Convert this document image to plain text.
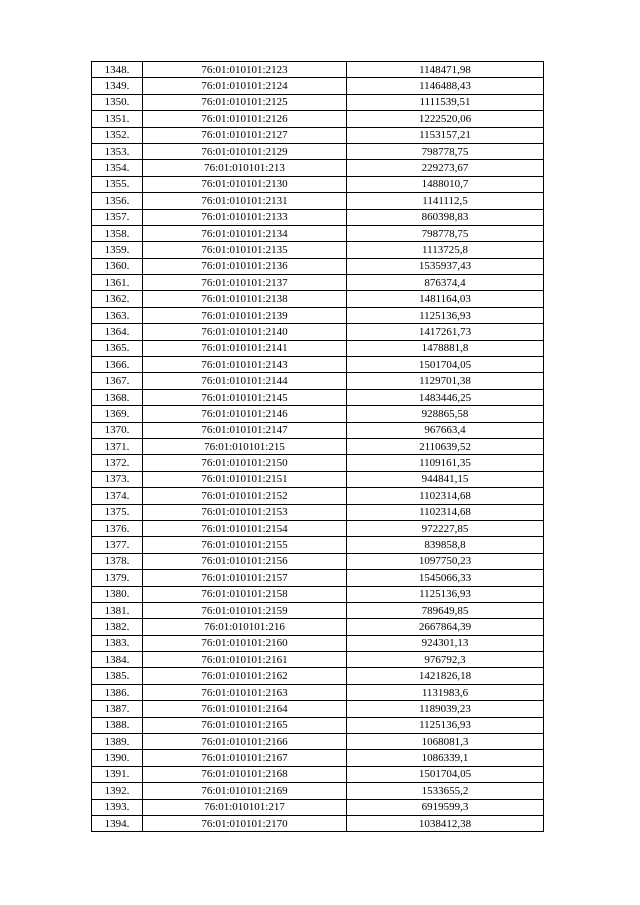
1348.	76:01:010101:2123	1148471,98
1349.	76:01:010101:2124	1146488,43
1350.	76:01:010101:2125	1111539,51
1351.	76:01:010101:2126	1222520,06
1352.	76:01:010101:2127	1153157,21
1353.	76:01:010101:2129	798778,75
1354.	76:01:010101:213	229273,67
1355.	76:01:010101:2130	1488010,7
1356.	76:01:010101:2131	1141112,5
1357.	76:01:010101:2133	860398,83
1358.	76:01:010101:2134	798778,75
1359.	76:01:010101:2135	1113725,8
1360.	76:01:010101:2136	1535937,43
1361.	76:01:010101:2137	876374,4
1362.	76:01:010101:2138	1481164,03
1363.	76:01:010101:2139	1125136,93
1364.	76:01:010101:2140	1417261,73
1365.	76:01:010101:2141	1478881,8
1366.	76:01:010101:2143	1501704,05
1367.	76:01:010101:2144	1129701,38
1368.	76:01:010101:2145	1483446,25
1369.	76:01:010101:2146	928865,58
1370.	76:01:010101:2147	967663,4
1371.	76:01:010101:215	2110639,52
1372.	76:01:010101:2150	1109161,35
1373.	76:01:010101:2151	944841,15
1374.	76:01:010101:2152	1102314,68
1375.	76:01:010101:2153	1102314,68
1376.	76:01:010101:2154	972227,85
1377.	76:01:010101:2155	839858,8
1378.	76:01:010101:2156	1097750,23
1379.	76:01:010101:2157	1545066,33
1380.	76:01:010101:2158	1125136,93
1381.	76:01:010101:2159	789649,85
1382.	76:01:010101:216	2667864,39
1383.	76:01:010101:2160	924301,13
1384.	76:01:010101:2161	976792,3
1385.	76:01:010101:2162	1421826,18
1386.	76:01:010101:2163	1131983,6
1387.	76:01:010101:2164	1189039,23
1388.	76:01:010101:2165	1125136,93
1389.	76:01:010101:2166	1068081,3
1390.	76:01:010101:2167	1086339,1
1391.	76:01:010101:2168	1501704,05
1392.	76:01:010101:2169	1533655,2
1393.	76:01:010101:217	6919599,3
1394.	76:01:010101:2170	1038412,38
